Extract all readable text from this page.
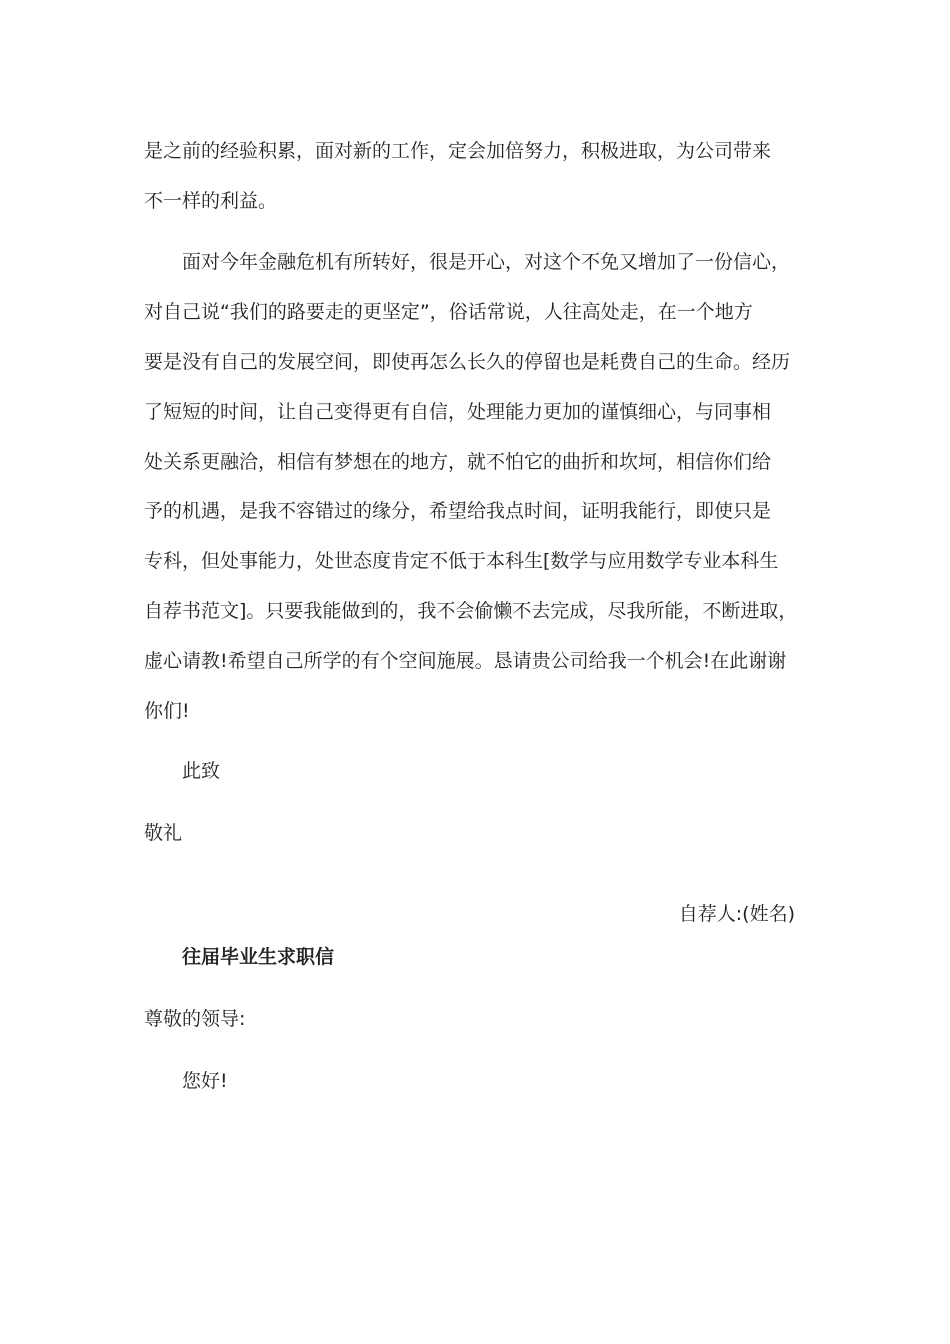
是之前的经验积累，面对新的工作，定会加倍努力，积极进取，为公司带来

不一样的利益。

面对今年金融危机有所转好，很是开心，对这个不免又增加了一份信心，

对自己说“我们的路要走的更坚定”，俗话常说，人往高处走，在一个地方

要是没有自己的发展空间，即使再怎么长久的停留也是耗费自己的生命。经历

了短短的时间，让自己变得更有自信，处理能力更加的谨慎细心，与同事相

处关系更融洽，相信有梦想在的地方，就不怕它的曲折和坎坷，相信你们给

予的机遇，是我不容错过的缘分，希望给我点时间，证明我能行，即使只是

专科，但处事能力，处世态度肯定不低于本科生[数学与应用数学专业本科生

自荐书范文]。只要我能做到的，我不会偷懒不去完成，尽我所能，不断进取，

虚心请教!希望自己所学的有个空间施展。恳请贵公司给我一个机会!在此谢谢

你们!

此致

敬礼

自荐人:(姓名)

往届毕业生求职信

尊敬的领导:

您好!
